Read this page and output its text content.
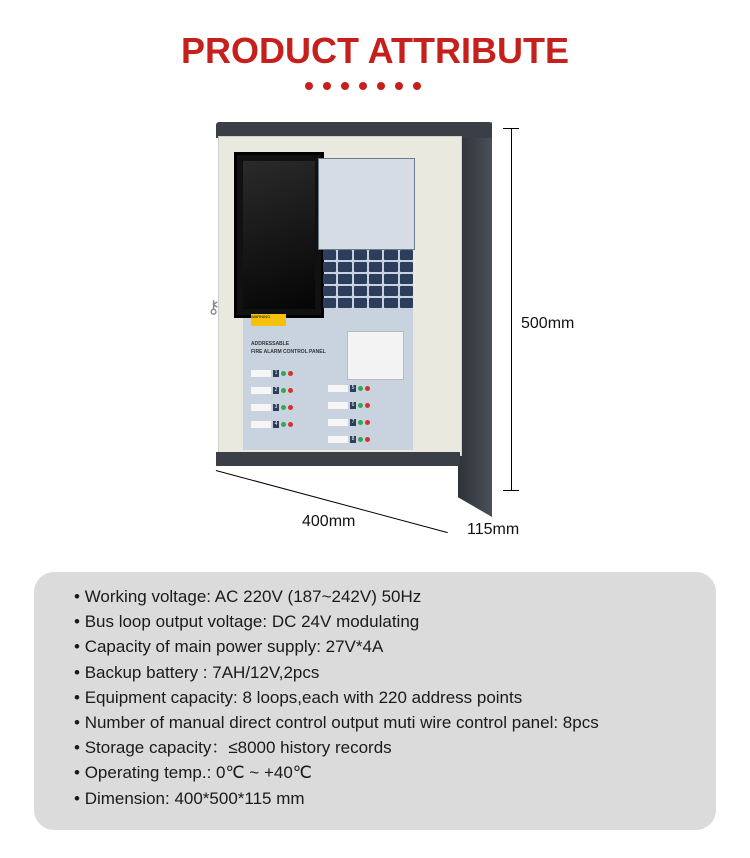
PRODUCT ATTRIBUTE
WARNING
ADDRESSABLE
FIRE ALARM CONTROL PANEL
1
2
3
4
5
6
7
8
⚷
500mm
400mm	115mm
• Working voltage: AC 220V (187~242V) 50Hz
• Bus loop output voltage: DC 24V modulating
• Capacity of main power supply: 27V*4A
• Backup battery : 7AH/12V,2pcs
• Equipment capacity: 8 loops,each with 220 address points
• Number of manual direct control output muti wire control panel: 8pcs
• Storage capacity：≤8000 history records
• Operating temp.: 0℃ ~ +40℃
• Dimension: 400*500*115 mm
